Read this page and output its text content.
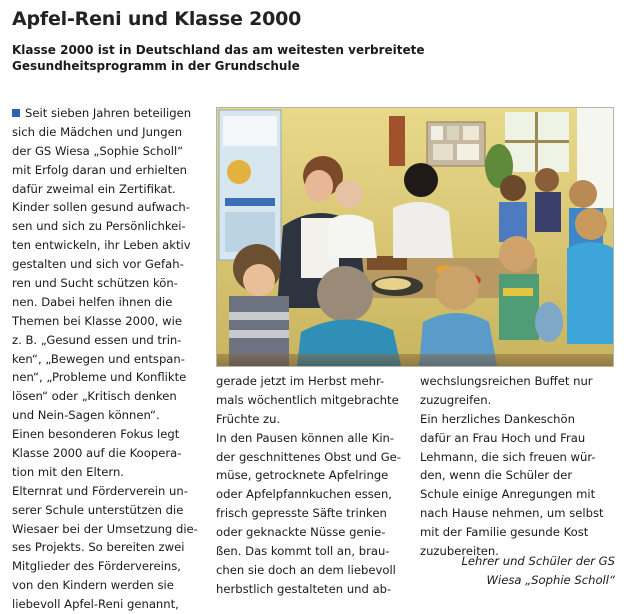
Apfel-Reni und Klasse 2000

Klasse 2000 ist in Deutschland das am weitesten verbreitete Gesundheitsprogramm in der Grundschule

Seit sieben Jahren beteiligen
sich die Mädchen und Jungen
der GS Wiesa „Sophie Scholl“
mit Erfolg daran und erhielten
dafür zweimal ein Zertifikat.
Kinder sollen gesund aufwach-
sen und sich zu Persönlichkei-
ten entwickeln, ihr Leben aktiv
gestalten und sich vor Gefah-
ren und Sucht schützen kön-
nen. Dabei helfen ihnen die
Themen bei Klasse 2000, wie
z. B. „Gesund essen und trin-
ken“, „Bewegen und entspan-
nen“, „Probleme und Konflikte
lösen“ oder „Kritisch denken
und Nein-Sagen können“.
Einen besonderen Fokus legt
Klasse 2000 auf die Koopera-
tion mit den Eltern.
Elternrat und Förderverein un-
serer Schule unterstützen die
Wiesaer bei der Umsetzung die-
ses Projekts. So bereiten zwei
Mitglieder des Fördervereins,
von den Kindern werden sie
liebevoll Apfel-Reni genannt,
gerade jetzt im Herbst mehr-
mals wöchentlich mitgebrachte
Früchte zu.
In den Pausen können alle Kin-
der geschnittenes Obst und Ge-
müse, getrocknete Apfelringe
oder Apfelpfannkuchen essen,
frisch gepresste Säfte trinken
oder geknackte Nüsse genie-
ßen. Das kommt toll an, brau-
chen sie doch an dem liebevoll
herbstlich gestalteten und ab-
wechslungsreichen Buffet nur
zuzugreifen.
Ein herzliches Dankeschön
dafür an Frau Hoch und Frau
Lehmann, die sich freuen wür-
den, wenn die Schüler der
Schule einige Anregungen mit
nach Hause nehmen, um selbst
mit der Familie gesunde Kost
zuzubereiten.
Lehrer und Schüler der GS
Wiesa „Sophie Scholl“
